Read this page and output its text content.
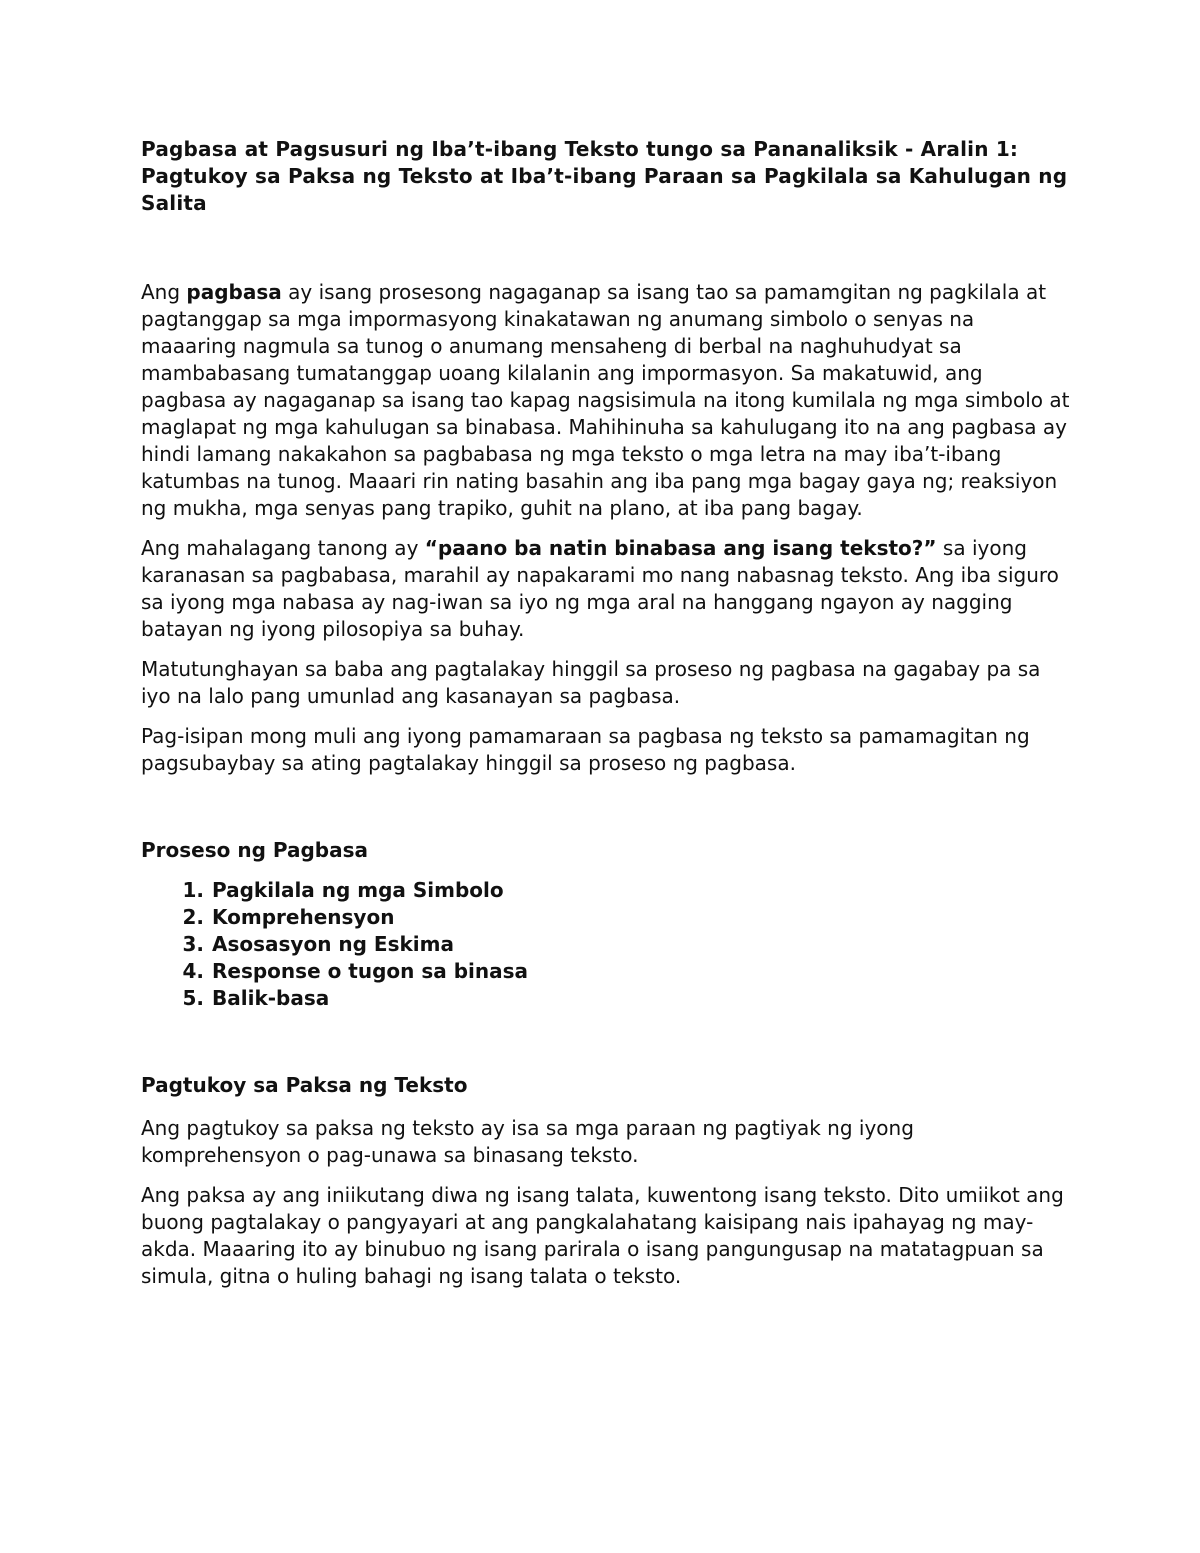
Pagbasa at Pagsusuri ng Iba’t-ibang Teksto tungo sa Pananaliksik - Aralin 1: Pagtukoy sa Paksa ng Teksto at Iba’t-ibang Paraan sa Pagkilala sa Kahulugan ng Salita

Ang pagbasa ay isang prosesong nagaganap sa isang tao sa pamamgitan ng pagkilala at pagtanggap sa mga impormasyong kinakatawan ng anumang simbolo o senyas na maaaring nagmula sa tunog o anumang mensaheng di berbal na naghuhudyat sa mambabasang tumatanggap uoang kilalanin ang impormasyon. Sa makatuwid, ang pagbasa ay nagaganap sa isang tao kapag nagsisimula na itong kumilala ng mga simbolo at maglapat ng mga kahulugan sa binabasa. Mahihinuha sa kahulugang ito na ang pagbasa ay hindi lamang nakakahon sa pagbabasa ng mga teksto o mga letra na may iba’t-ibang katumbas na tunog. Maaari rin nating basahin ang iba pang mga bagay gaya ng; reaksiyon ng mukha, mga senyas pang trapiko, guhit na plano, at iba pang bagay.

Ang mahalagang tanong ay “paano ba natin binabasa ang isang teksto?” sa iyong karanasan sa pagbabasa, marahil ay napakarami mo nang nabasnag teksto. Ang iba siguro sa iyong mga nabasa ay nag-iwan sa iyo ng mga aral na hanggang ngayon ay nagging batayan ng iyong pilosopiya sa buhay.

Matutunghayan sa baba ang pagtalakay hinggil sa proseso ng pagbasa na gagabay pa sa iyo na lalo pang umunlad ang kasanayan sa pagbasa.

Pag-isipan mong muli ang iyong pamamaraan sa pagbasa ng teksto sa pamamagitan ng pagsubaybay sa ating pagtalakay hinggil sa proseso ng pagbasa.

Proseso ng Pagbasa

1. Pagkilala ng mga Simbolo
2. Komprehensyon
3. Asosasyon ng Eskima
4. Response o tugon sa binasa
5. Balik-basa

Pagtukoy sa Paksa ng Teksto

Ang pagtukoy sa paksa ng teksto ay isa sa mga paraan ng pagtiyak ng iyong komprehensyon o pag-unawa sa binasang teksto.

Ang paksa ay ang iniikutang diwa ng isang talata, kuwentong isang teksto. Dito umiikot ang buong pagtalakay o pangyayari at ang pangkalahatang kaisipang nais ipahayag ng may-akda. Maaaring ito ay binubuo ng isang parirala o isang pangungusap na matatagpuan sa simula, gitna o huling bahagi ng isang talata o teksto.
